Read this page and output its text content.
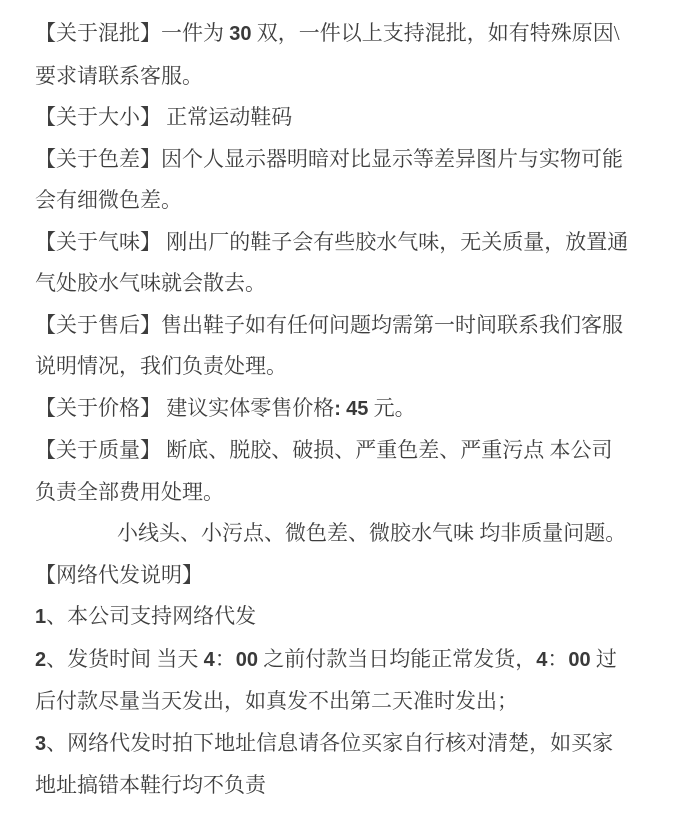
【关于混批】一件为 30 双，一件以上支持混批，如有特殊原因\
要求请联系客服。
【关于大小】 正常运动鞋码
【关于色差】因个人显示器明暗对比显示等差异图片与实物可能
会有细微色差。
【关于气味】 刚出厂的鞋子会有些胶水气味，无关质量，放置通
气处胶水气味就会散去。
【关于售后】售出鞋子如有任何问题均需第一时间联系我们客服
说明情况，我们负责处理。
【关于价格】 建议实体零售价格: 45 元。
【关于质量】 断底、脱胶、破损、严重色差、严重污点 本公司
负责全部费用处理。
小线头、小污点、微色差、微胶水气味 均非质量问题。
【网络代发说明】
1、本公司支持网络代发
2、发货时间 当天 4：00 之前付款当日均能正常发货，4：00 过
后付款尽量当天发出，如真发不出第二天准时发出；
3、网络代发时拍下地址信息请各位买家自行核对清楚，如买家
地址搞错本鞋行均不负责
